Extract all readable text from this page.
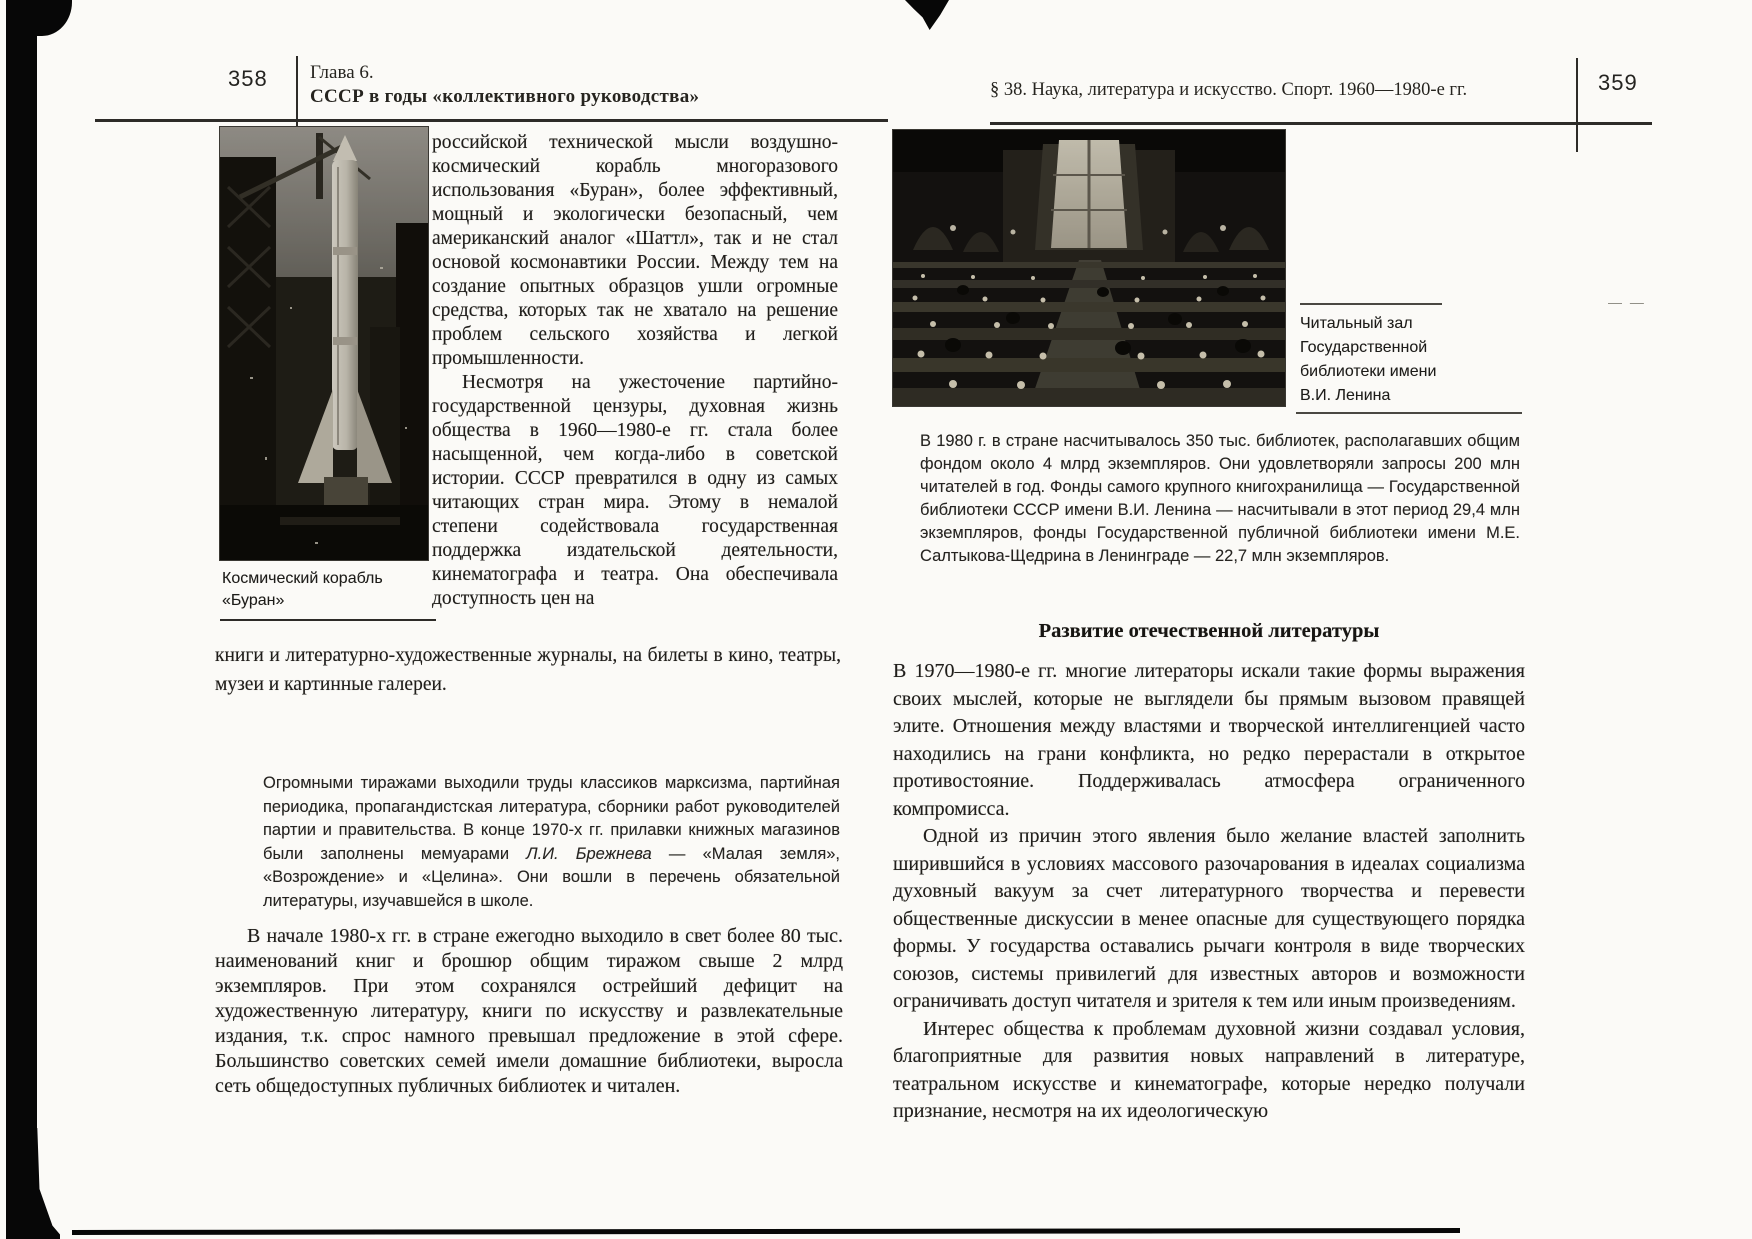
358 Глава 6.
СССР в годы «коллективного руководства»
Космический корабль
«Буран»

российской технической мысли воздушно-космический корабль многоразового использования «Буран», более эффективный, мощный и экологически безопасный, чем американский аналог «Шаттл», так и не стал основой космонавтики России. Между тем на создание опытных образцов ушли огромные средства, которых так не хватало на решение проблем сельского хозяйства и легкой промышленности.

Несмотря на ужесточение партийно-государственной цензуры, духовная жизнь общества в 1960—1980-е гг. стала более насыщенной, чем когда-либо в советской истории. СССР превратился в одну из самых читающих стран мира. Этому в немалой степени содействовала государственная поддержка издательской деятельности, кинематографа и театра. Она обеспечивала доступность цен на

книги и литературно-художественные журналы, на билеты в кино, театры, музеи и картинные галереи.

Огромными тиражами выходили труды классиков марксизма, партийная периодика, пропагандистская литература, сборники работ руководителей партии и правительства. В конце 1970-х гг. прилавки книжных магазинов были заполнены мемуарами Л.И. Брежнева — «Малая земля», «Возрождение» и «Целина». Они вошли в перечень обязательной литературы, изучавшейся в школе.

В начале 1980-х гг. в стране ежегодно выходило в свет более 80 тыс. наименований книг и брошюр общим тиражом свыше 2 млрд экземпляров. При этом сохранялся острейший дефицит на художественную литературу, книги по искусству и развлекательные издания, т.к. спрос намного превышал предложение в этой сфере. Большинство советских семей имели домашние библиотеки, выросла сеть общедоступных публичных библиотек и читален.

§ 38. Наука, литература и искусство. Спорт. 1960—1980-е гг.	359
— —
Читальный зал
Государственной
библиотеки имени
В.И. Ленина
В 1980 г. в стране насчитывалось 350 тыс. библиотек, располагавших общим фондом около 4 млрд экземпляров. Они удовлетворяли запросы 200 млн читателей в год. Фонды самого крупного книгохранилища — Государственной библиотеки СССР имени В.И. Ленина — насчитывали в этот период 29,4 млн экземпляров, фонды Государственной публичной библиотеки имени М.Е. Салтыкова-Щедрина в Ленинграде — 22,7 млн экземпляров.
Развитие отечественной литературы

В 1970—1980-е гг. многие литераторы искали такие формы выражения своих мыслей, которые не выглядели бы прямым вызовом правящей элите. Отношения между властями и творческой интеллигенцией часто находились на грани конфликта, но редко перерастали в открытое противостояние. Поддерживалась атмосфера ограниченного компромисса.

Одной из причин этого явления было желание властей заполнить ширившийся в условиях массового разочарования в идеалах социализма духовный вакуум за счет литературного творчества и перевести общественные дискуссии в менее опасные для существующего порядка формы. У государства оставались рычаги контроля в виде творческих союзов, системы привилегий для известных авторов и возможности ограничивать доступ читателя и зрителя к тем или иным произведениям.

Интерес общества к проблемам духовной жизни создавал условия, благоприятные для развития новых направлений в литературе, театральном искусстве и кинематографе, которые нередко получали признание, несмотря на их идеологическую
